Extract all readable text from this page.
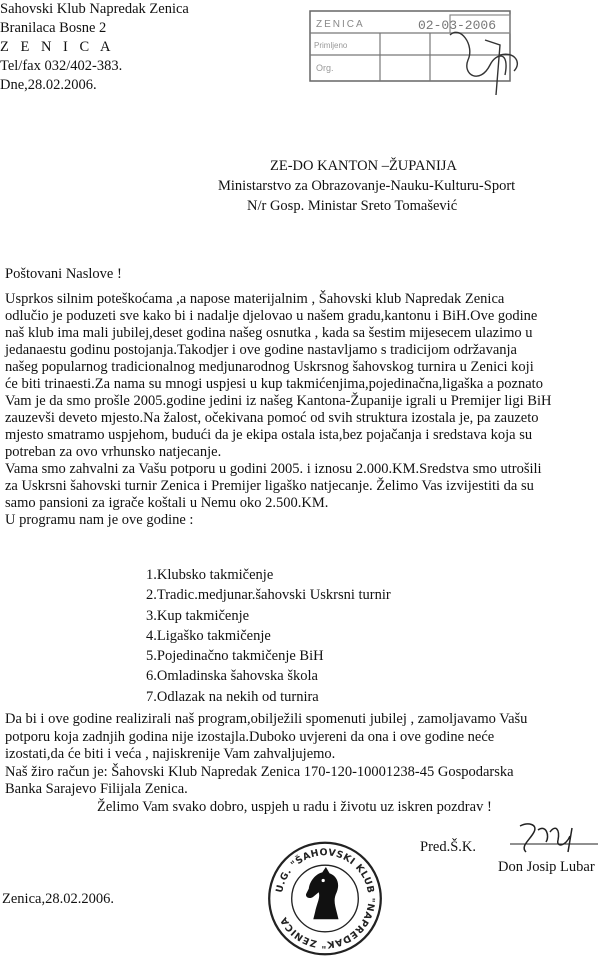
Sahovski Klub Napredak Zenica
Branilaca Bosne 2
Z E N I C A
Tel/fax 032/402-383.
Dne,28.02.2006.
ZENICA	02-03-2006
Primljeno
Org.
ZE-DO KANTON –ŽUPANIJA
Ministarstvo za Obrazovanje-Nauku-Kulturu-Sport
N/r Gosp. Ministar Sreto Tomašević
Poštovani Naslove !
Usprkos silnim poteškoćama ,a napose materijalnim , Šahovski klub Napredak Zenica
odlučio je poduzeti sve kako bi i nadalje djelovao u našem gradu,kantonu i BiH.Ove godine
naš klub ima mali jubilej,deset godina našeg osnutka , kada sa šestim mijesecem ulazimo u
jedanaestu godinu postojanja.Takodjer i ove godine nastavljamo s tradicijom održavanja
našeg popularnog tradicionalnog medjunarodnog Uskrsnog šahovskog turnira u Zenici koji
će biti trinaesti.Za nama su mnogi uspjesi u kup takmićenjima,pojedinačna,ligaška a poznato
Vam je da smo prošle 2005.godine jedini iz našeg Kantona-Županije igrali u Premijer ligi BiH
zauzevši deveto mjesto.Na žalost, očekivana pomoć od svih struktura izostala je, pa zauzeto
mjesto smatramo uspjehom, budući da je ekipa ostala ista,bez pojačanja i sredstava koja su
potreban za ovo vrhunsko natjecanje.
Vama smo zahvalni za Vašu potporu u godini 2005. i iznosu 2.000.KM.Sredstva smo utrošili
za Uskrsni šahovski turnir Zenica i Premijer ligaško natjecanje. Želimo Vas izvijestiti da su
samo pansioni za igrače koštali u Nemu oko 2.500.KM.
U programu nam je ove godine :
1.Klubsko takmičenje
2.Tradic.medjunar.šahovski Uskrsni turnir
3.Kup takmičenje
4.Ligaško takmičenje
5.Pojedinačno takmičenje BiH
6.Omladinska šahovska škola
7.Odlazak na nekih od turnira
Da bi i ove godine realizirali naš program,obilježili spomenuti jubilej , zamoljavamo Vašu
potporu koja zadnjih godina nije izostajla.Duboko uvjereni da ona i ove godine neće
izostati,da će biti i veća , najiskrenije Vam zahvaljujemo.
Naš žiro račun je: Šahovski Klub Napredak Zenica 170-120-10001238-45 Gospodarska
Banka Sarajevo Filijala Zenica.
Želimo Vam svako dobro, uspjeh u radu i životu uz iskren pozdrav !
Pred.Š.K.
Don Josip Lubar
U.G. "ŠAHOVSKI KLUB "NAPREDAK" ZENICA
Zenica,28.02.2006.
